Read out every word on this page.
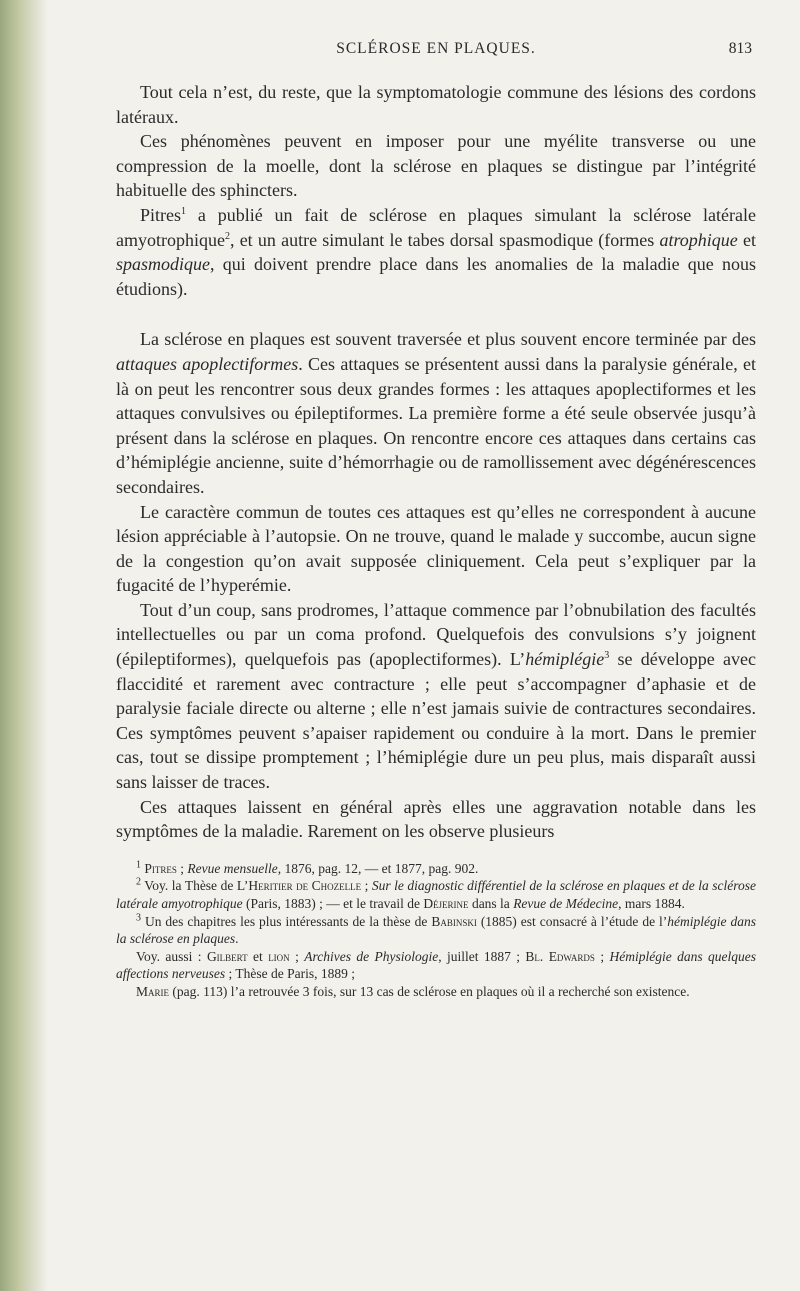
SCLÉROSE EN PLAQUES.	813

Tout cela n’est, du reste, que la symptomatologie commune des lésions des cordons latéraux.

Ces phénomènes peuvent en imposer pour une myélite transverse ou une compression de la moelle, dont la sclérose en plaques se distingue par l’intégrité habituelle des sphincters.

Pitres$^1$ a publié un fait de sclérose en plaques simulant la sclérose latérale amyotrophique$^2$, et un autre simulant le tabes dorsal spasmodique (formes atrophique et spasmodique, qui doivent prendre place dans les anomalies de la maladie que nous étudions).

La sclérose en plaques est souvent traversée et plus souvent encore terminée par des attaques apoplectiformes. Ces attaques se présentent aussi dans la paralysie générale, et là on peut les rencontrer sous deux grandes formes : les attaques apoplectiformes et les attaques convulsives ou épileptiformes. La première forme a été seule observée jusqu’à présent dans la sclérose en plaques. On rencontre encore ces attaques dans certains cas d’hémiplégie ancienne, suite d’hémorrhagie ou de ramollissement avec dégénérescences secondaires.

Le caractère commun de toutes ces attaques est qu’elles ne correspondent à aucune lésion appréciable à l’autopsie. On ne trouve, quand le malade y succombe, aucun signe de la congestion qu’on avait supposée cliniquement. Cela peut s’expliquer par la fugacité de l’hyperémie.

Tout d’un coup, sans prodromes, l’attaque commence par l’obnubilation des facultés intellectuelles ou par un coma profond. Quelquefois des convulsions s’y joignent (épileptiformes), quelquefois pas (apoplectiformes). L’hémiplégie$^3$ se développe avec flaccidité et rarement avec contracture ; elle peut s’accompagner d’aphasie et de paralysie faciale directe ou alterne ; elle n’est jamais suivie de contractures secondaires. Ces symptômes peuvent s’apaiser rapidement ou conduire à la mort. Dans le premier cas, tout se dissipe promptement ; l’hémiplégie dure un peu plus, mais disparaît aussi sans laisser de traces.

Ces attaques laissent en général après elles une aggravation notable dans les symptômes de la maladie. Rarement on les observe plusieurs

$^1$ Pitres ; Revue mensuelle, 1876, pag. 12, — et 1877, pag. 902.

$^2$ Voy. la Thèse de L’Heritier de Chozelle ; Sur le diagnostic différentiel de la sclérose en plaques et de la sclérose latérale amyotrophique (Paris, 1883) ; — et le travail de Déjerine dans la Revue de Médecine, mars 1884.

$^3$ Un des chapitres les plus intéressants de la thèse de Babinski (1885) est consacré à l’étude de l’hémiplégie dans la sclérose en plaques.

Voy. aussi : Gilbert et lion ; Archives de Physiologie, juillet 1887 ; Bl. Edwards ; Hémiplégie dans quelques affections nerveuses ; Thèse de Paris, 1889 ;

Marie (pag. 113) l’a retrouvée 3 fois, sur 13 cas de sclérose en plaques où il a recherché son existence.
